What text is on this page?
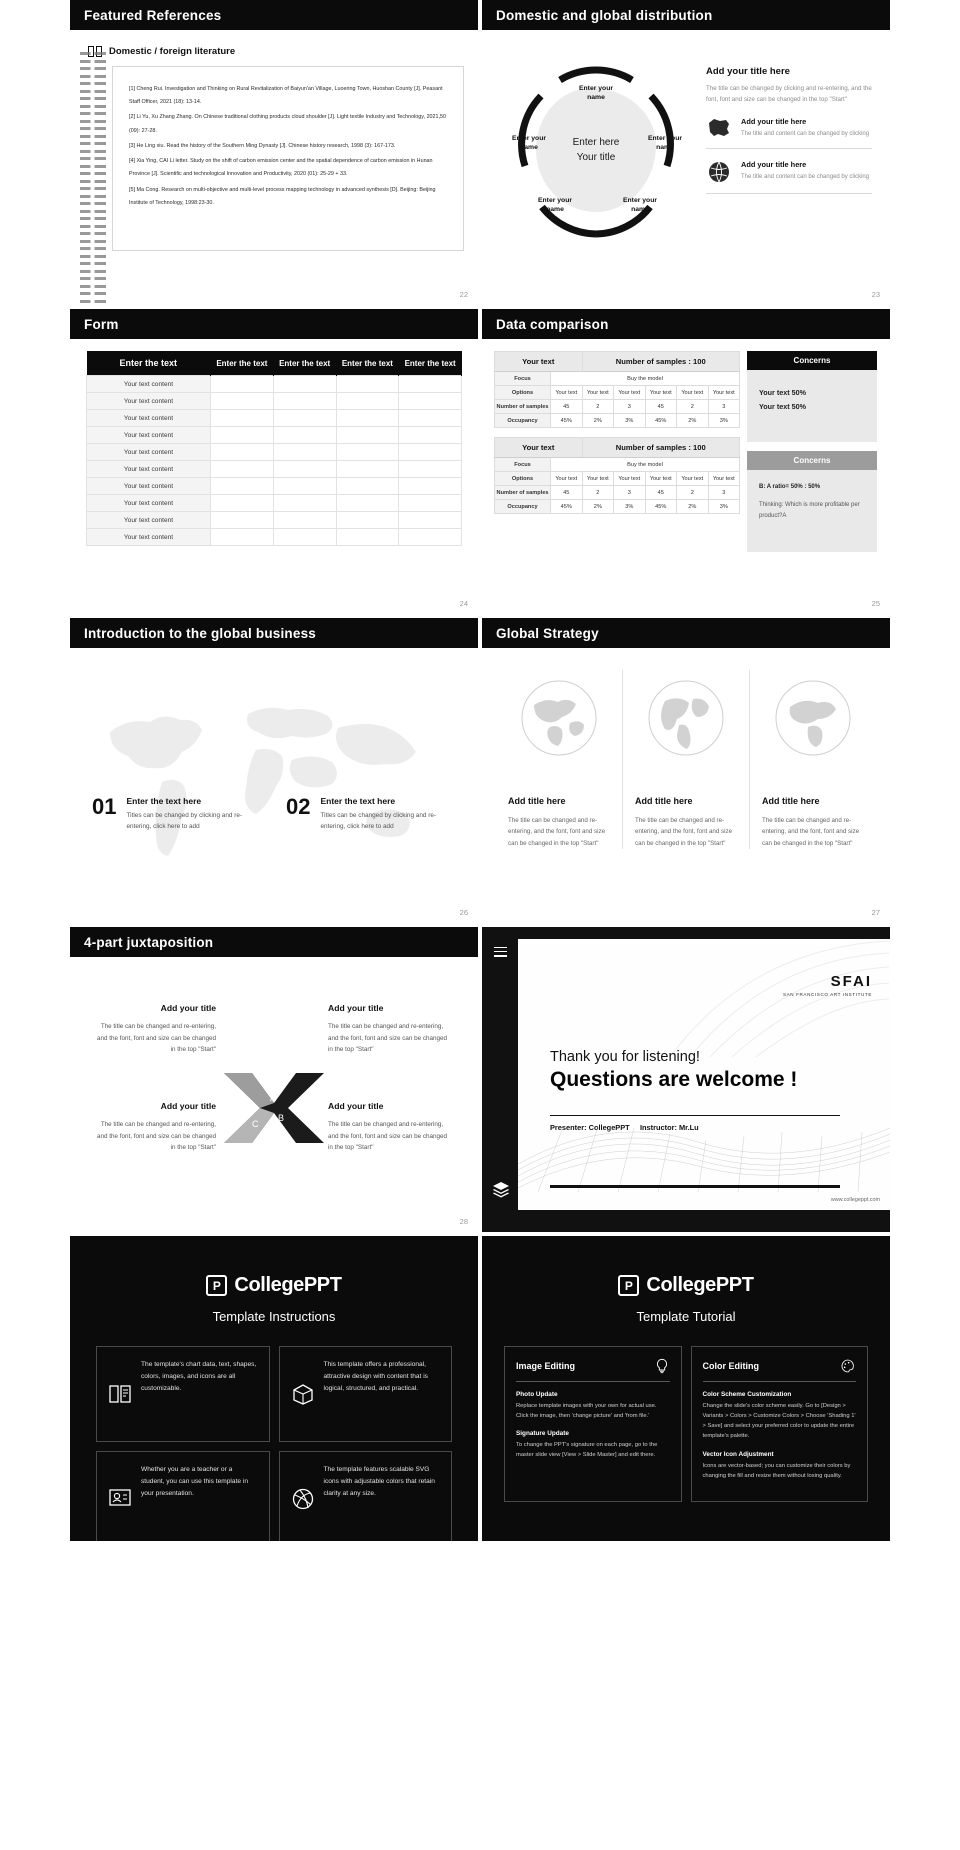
Featured References
Domestic / foreign literature

[1] Cheng Rui. Investigation and Thinking on Rural Revitalization of Baiyun'an Village, Luoering Town, Huoshan County [J]. Peasant Staff Officer, 2021 (18): 13-14.

[2] Li Yu, Xu Zhang Zhang. On Chinese traditional clothing products cloud shoulder [J]. Light textile Industry and Technology, 2021,50 (09): 27-28.

[3] He Ling xiu. Read the history of the Southern Ming Dynasty [J]. Chinese history research, 1998 (3): 167-173.

[4] Xia Ying, CAI Li letter. Study on the shift of carbon emission center and the spatial dependence of carbon emission in Hunan Province [J]. Scientific and technological Innovation and Productivity, 2020 (01): 25-29 + 33.

[5] Ma Cong. Research on multi-objective and multi-level process mapping technology in advanced synthesis [D]. Beijing: Beijing Institute of Technology, 1998:23-30.

22
Domestic and global distribution
Enter here
Your title
Enter your name
Enter your name
Enter your name
Enter your name
Enter your name
Add your title here
The title can be changed by clicking and re-entering, and the font, font and size can be changed in the top "Start"
Add your title here
The title and content can be changed by clicking
Add your title here
The title and content can be changed by clicking
23
Form
Enter the text	Enter the text	Enter the text	Enter the text	Enter the text
Your text content				
Your text content				
Your text content				
Your text content				
Your text content				
Your text content				
Your text content				
Your text content				
Your text content				
Your text content				
24
Data comparison
Your text		Number of samples : 100				
Focus	Buy the model					
Options	Your text	Your text	Your text	Your text	Your text	Your text
Number of samples	45	2	3	45	2	3
Occupancy	45%	2%	3%	45%	2%	3%
Your text		Number of samples : 100				
Focus	Buy the model					
Options	Your text	Your text	Your text	Your text	Your text	Your text
Number of samples	45	2	3	45	2	3
Occupancy	45%	2%	3%	45%	2%	3%
Concerns
Your text 50%
Your text 50%
Concerns
B: A ratio= 50% : 50%
Thinking: Which is more profitable per product?A
25
Introduction to the global business
01 Enter the text here
Titles can be changed by clicking and re-entering, click here to add
02 Enter the text here
Titles can be changed by clicking and re-entering, click here to add
26
Global Strategy
Add title here
The title can be changed and re-entering, and the font, font and size can be changed in the top "Start"
Add title here
The title can be changed and re-entering, and the font, font and size can be changed in the top "Start"
Add title here
The title can be changed and re-entering, and the font, font and size can be changed in the top "Start"
27
4-part juxtaposition
D
A
C
B
Add your title
The title can be changed and re-entering, and the font, font and size can be changed in the top "Start"
Add your title
The title can be changed and re-entering, and the font, font and size can be changed in the top "Start"
Add your title
The title can be changed and re-entering, and the font, font and size can be changed in the top "Start"
Add your title
The title can be changed and re-entering, and the font, font and size can be changed in the top "Start"
28
SFAI
SAN FRANCISCO ART INSTITUTE
Thank you for listening!
Questions are welcome !
Presenter: CollegePPT Instructor: Mr.Lu
www.collegeppt.com
P CollegePPT
Template Instructions
The template's chart data, text, shapes, colors, images, and icons are all customizable.
This template offers a professional, attractive design with content that is logical, structured, and practical.
Whether you are a teacher or a student, you can use this template in your presentation.
The template features scalable SVG icons with adjustable colors that retain clarity at any size.
P CollegePPT
Template Tutorial
Image Editing
Photo Update
Replace template images with your own for actual use. Click the image, then 'change picture' and 'from file.'
Signature Update
To change the PPT's signature on each page, go to the master slide view [View > Slide Master] and edit there.
Color Editing
Color Scheme Customization
Change the slide's color scheme easily. Go to [Design > Variants > Colors > Customize Colors > Choose 'Shading 1' > Save] and select your preferred color to update the entire template's palette.
Vector Icon Adjustment
Icons are vector-based; you can customize their colors by changing the fill and resize them without losing quality.
